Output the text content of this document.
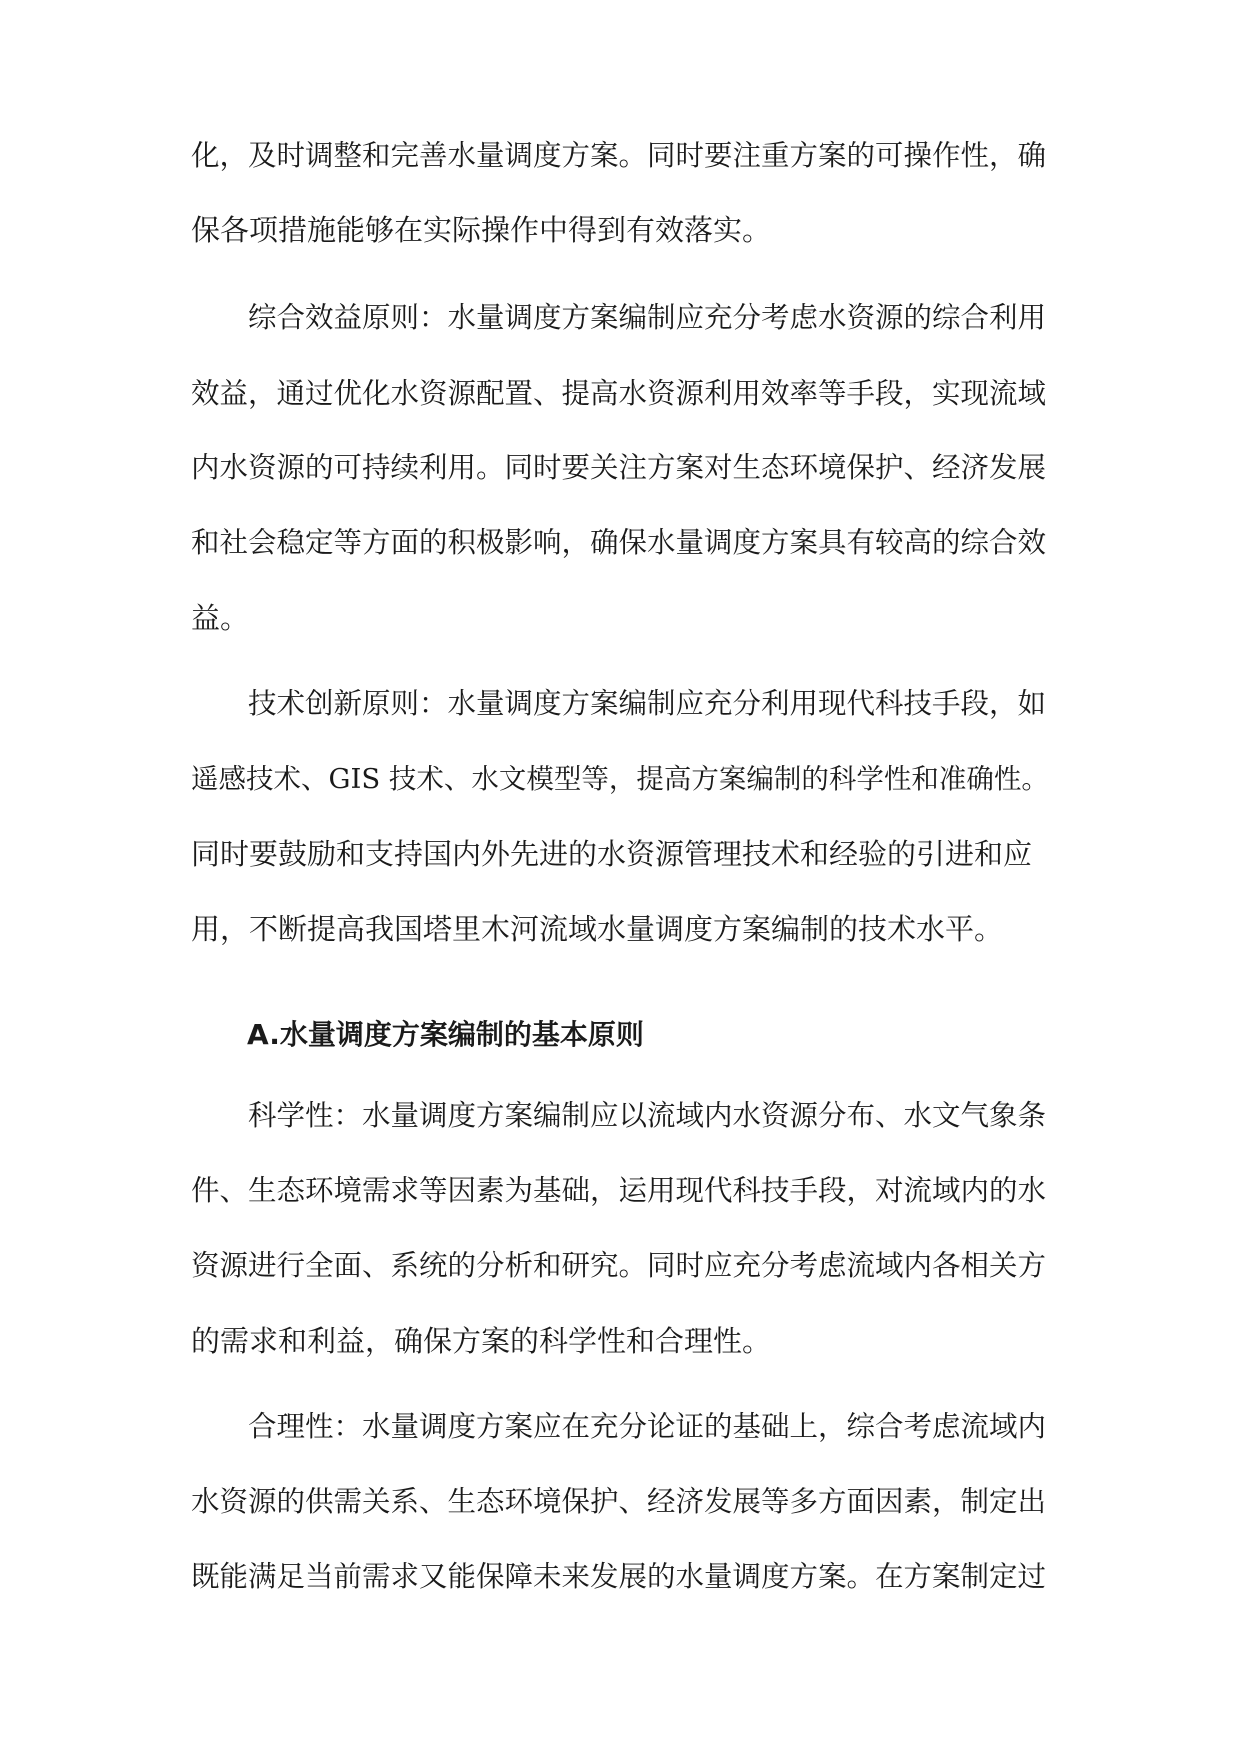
化，及时调整和完善水量调度方案。同时要注重方案的可操作性，确
保各项措施能够在实际操作中得到有效落实。
　　综合效益原则：水量调度方案编制应充分考虑水资源的综合利用
效益，通过优化水资源配置、提高水资源利用效率等手段，实现流域
内水资源的可持续利用。同时要关注方案对生态环境保护、经济发展
和社会稳定等方面的积极影响，确保水量调度方案具有较高的综合效
益。
　　技术创新原则：水量调度方案编制应充分利用现代科技手段，如
遥感技术、GIS 技术、水文模型等，提高方案编制的科学性和准确性。
同时要鼓励和支持国内外先进的水资源管理技术和经验的引进和应
用，不断提高我国塔里木河流域水量调度方案编制的技术水平。
　　A.水量调度方案编制的基本原则
　　科学性：水量调度方案编制应以流域内水资源分布、水文气象条
件、生态环境需求等因素为基础，运用现代科技手段，对流域内的水
资源进行全面、系统的分析和研究。同时应充分考虑流域内各相关方
的需求和利益，确保方案的科学性和合理性。
　　合理性：水量调度方案应在充分论证的基础上，综合考虑流域内
水资源的供需关系、生态环境保护、经济发展等多方面因素，制定出
既能满足当前需求又能保障未来发展的水量调度方案。在方案制定过
